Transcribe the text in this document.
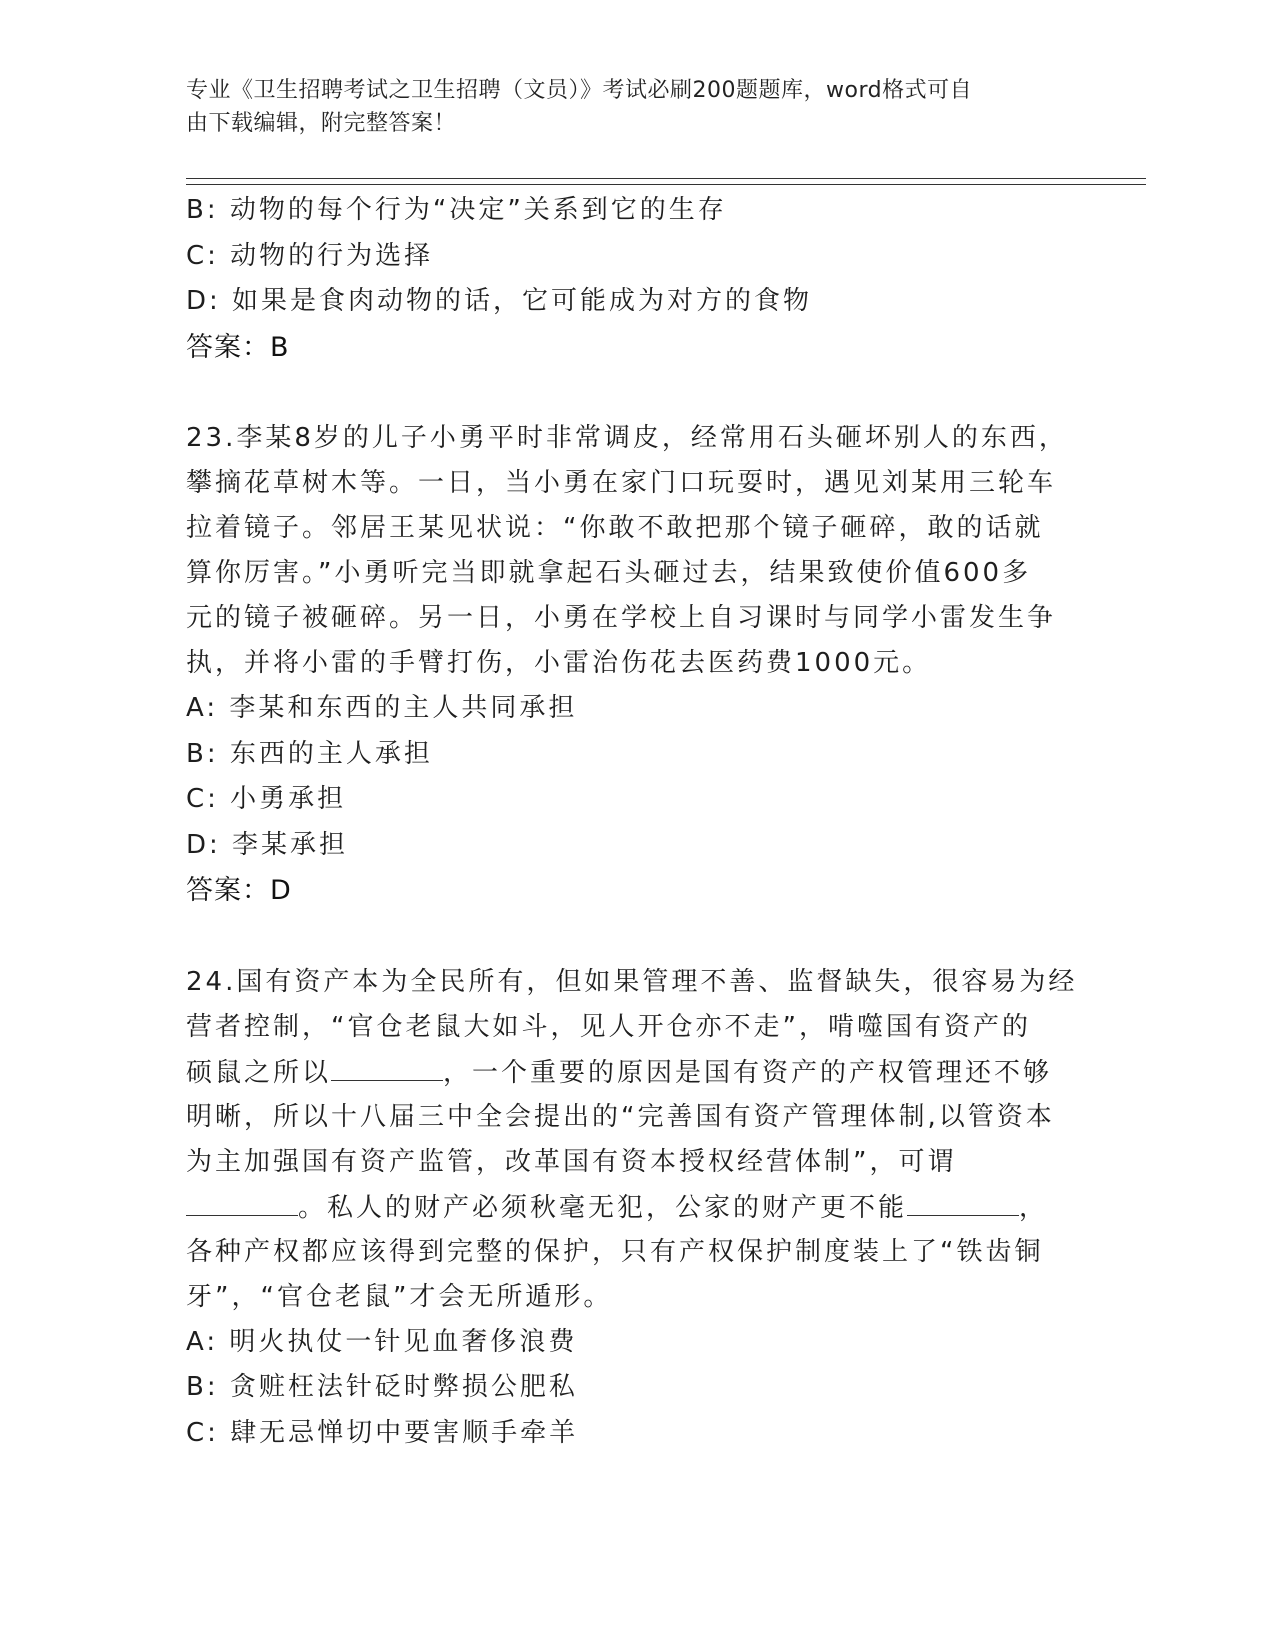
专业《卫生招聘考试之卫生招聘（文员）》考试必刷200题题库，word格式可自
由下载编辑，附完整答案！
B: 动物的每个行为“决定”关系到它的生存
C: 动物的行为选择
D: 如果是食肉动物的话，它可能成为对方的食物
答案：B
23.李某8岁的儿子小勇平时非常调皮，经常用石头砸坏别人的东西，
攀摘花草树木等。一日，当小勇在家门口玩耍时，遇见刘某用三轮车
拉着镜子。邻居王某见状说：“你敢不敢把那个镜子砸碎，敢的话就
算你厉害。”小勇听完当即就拿起石头砸过去，结果致使价值600多
元的镜子被砸碎。另一日，小勇在学校上自习课时与同学小雷发生争
执，并将小雷的手臂打伤，小雷治伤花去医药费1000元。
A: 李某和东西的主人共同承担
B: 东西的主人承担
C: 小勇承担
D: 李某承担
答案：D
24.国有资产本为全民所有，但如果管理不善、监督缺失，很容易为经
营者控制，“官仓老鼠大如斗，见人开仓亦不走”，啃噬国有资产的
硕鼠之所以	，一个重要的原因是国有资产的产权管理还不够
明晰，所以十八届三中全会提出的“完善国有资产管理体制,以管资本
为主加强国有资产监管，改革国有资本授权经营体制”，可谓
。私人的财产必须秋毫无犯，公家的财产更不能	，
各种产权都应该得到完整的保护，只有产权保护制度装上了“铁齿铜
牙”，“官仓老鼠”才会无所遁形。
A: 明火执仗一针见血奢侈浪费
B: 贪赃枉法针砭时弊损公肥私
C: 肆无忌惮切中要害顺手牵羊
